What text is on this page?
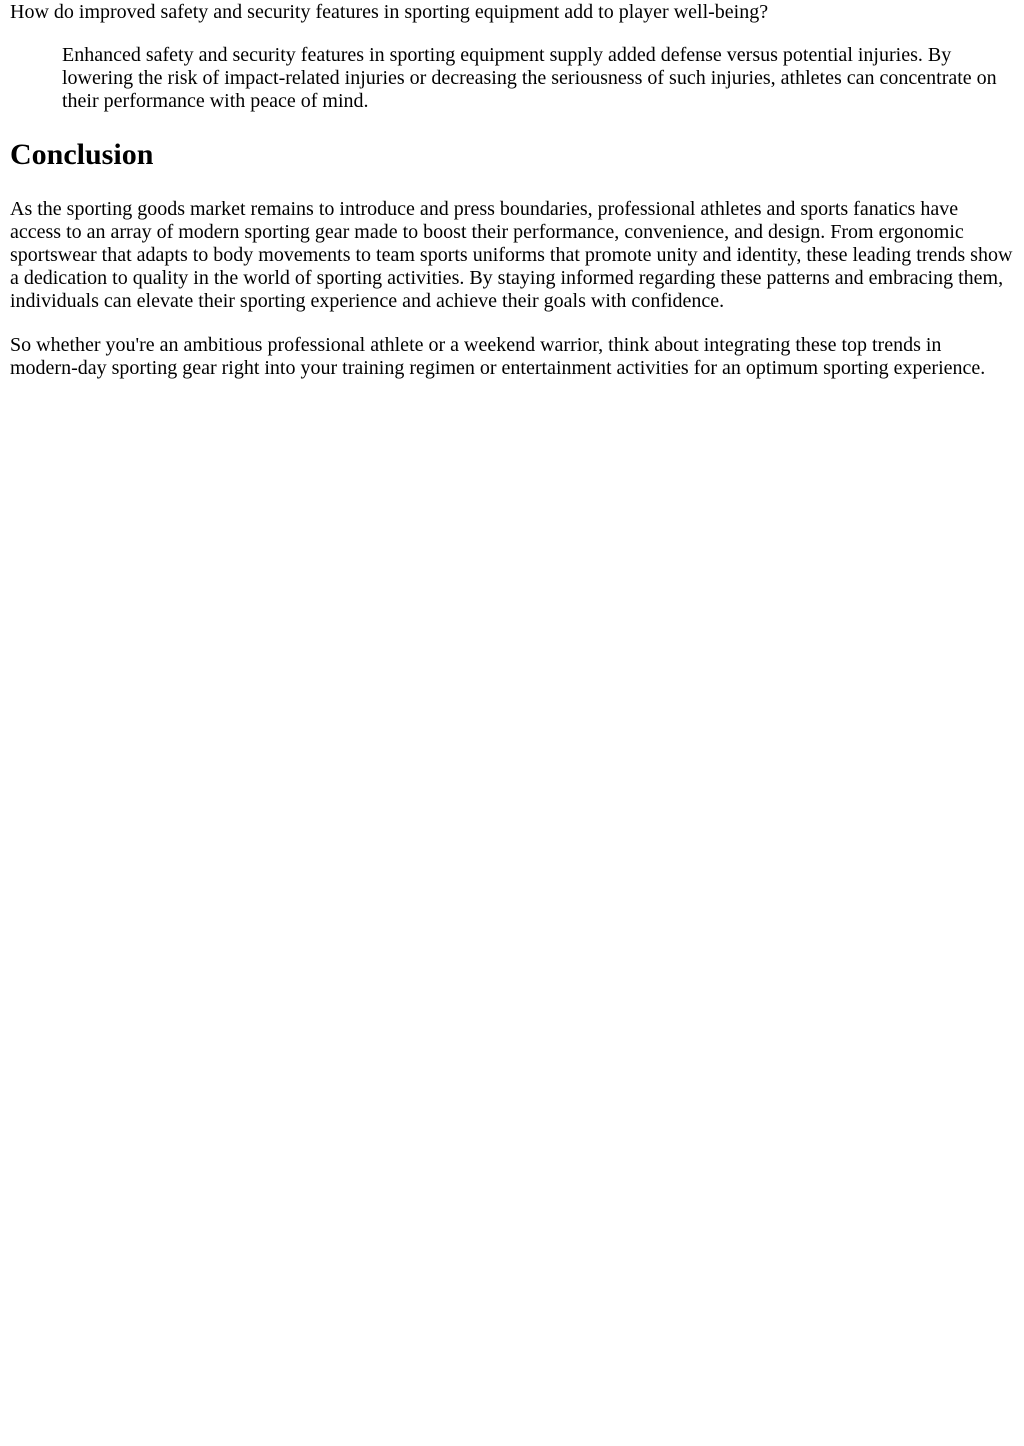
How do improved safety and security features in sporting equipment add to player well-being?

Enhanced safety and security features in sporting equipment supply added defense versus potential injuries. By lowering the risk of impact-related injuries or decreasing the seriousness of such injuries, athletes can concentrate on their performance with peace of mind.
Conclusion

As the sporting goods market remains to introduce and press boundaries, professional athletes and sports fanatics have access to an array of modern sporting gear made to boost their performance, convenience, and design. From ergonomic sportswear that adapts to body movements to team sports uniforms that promote unity and identity, these leading trends show a dedication to quality in the world of sporting activities. By staying informed regarding these patterns and embracing them, individuals can elevate their sporting experience and achieve their goals with confidence.

So whether you're an ambitious professional athlete or a weekend warrior, think about integrating these top trends in modern-day sporting gear right into your training regimen or entertainment activities for an optimum sporting experience.
